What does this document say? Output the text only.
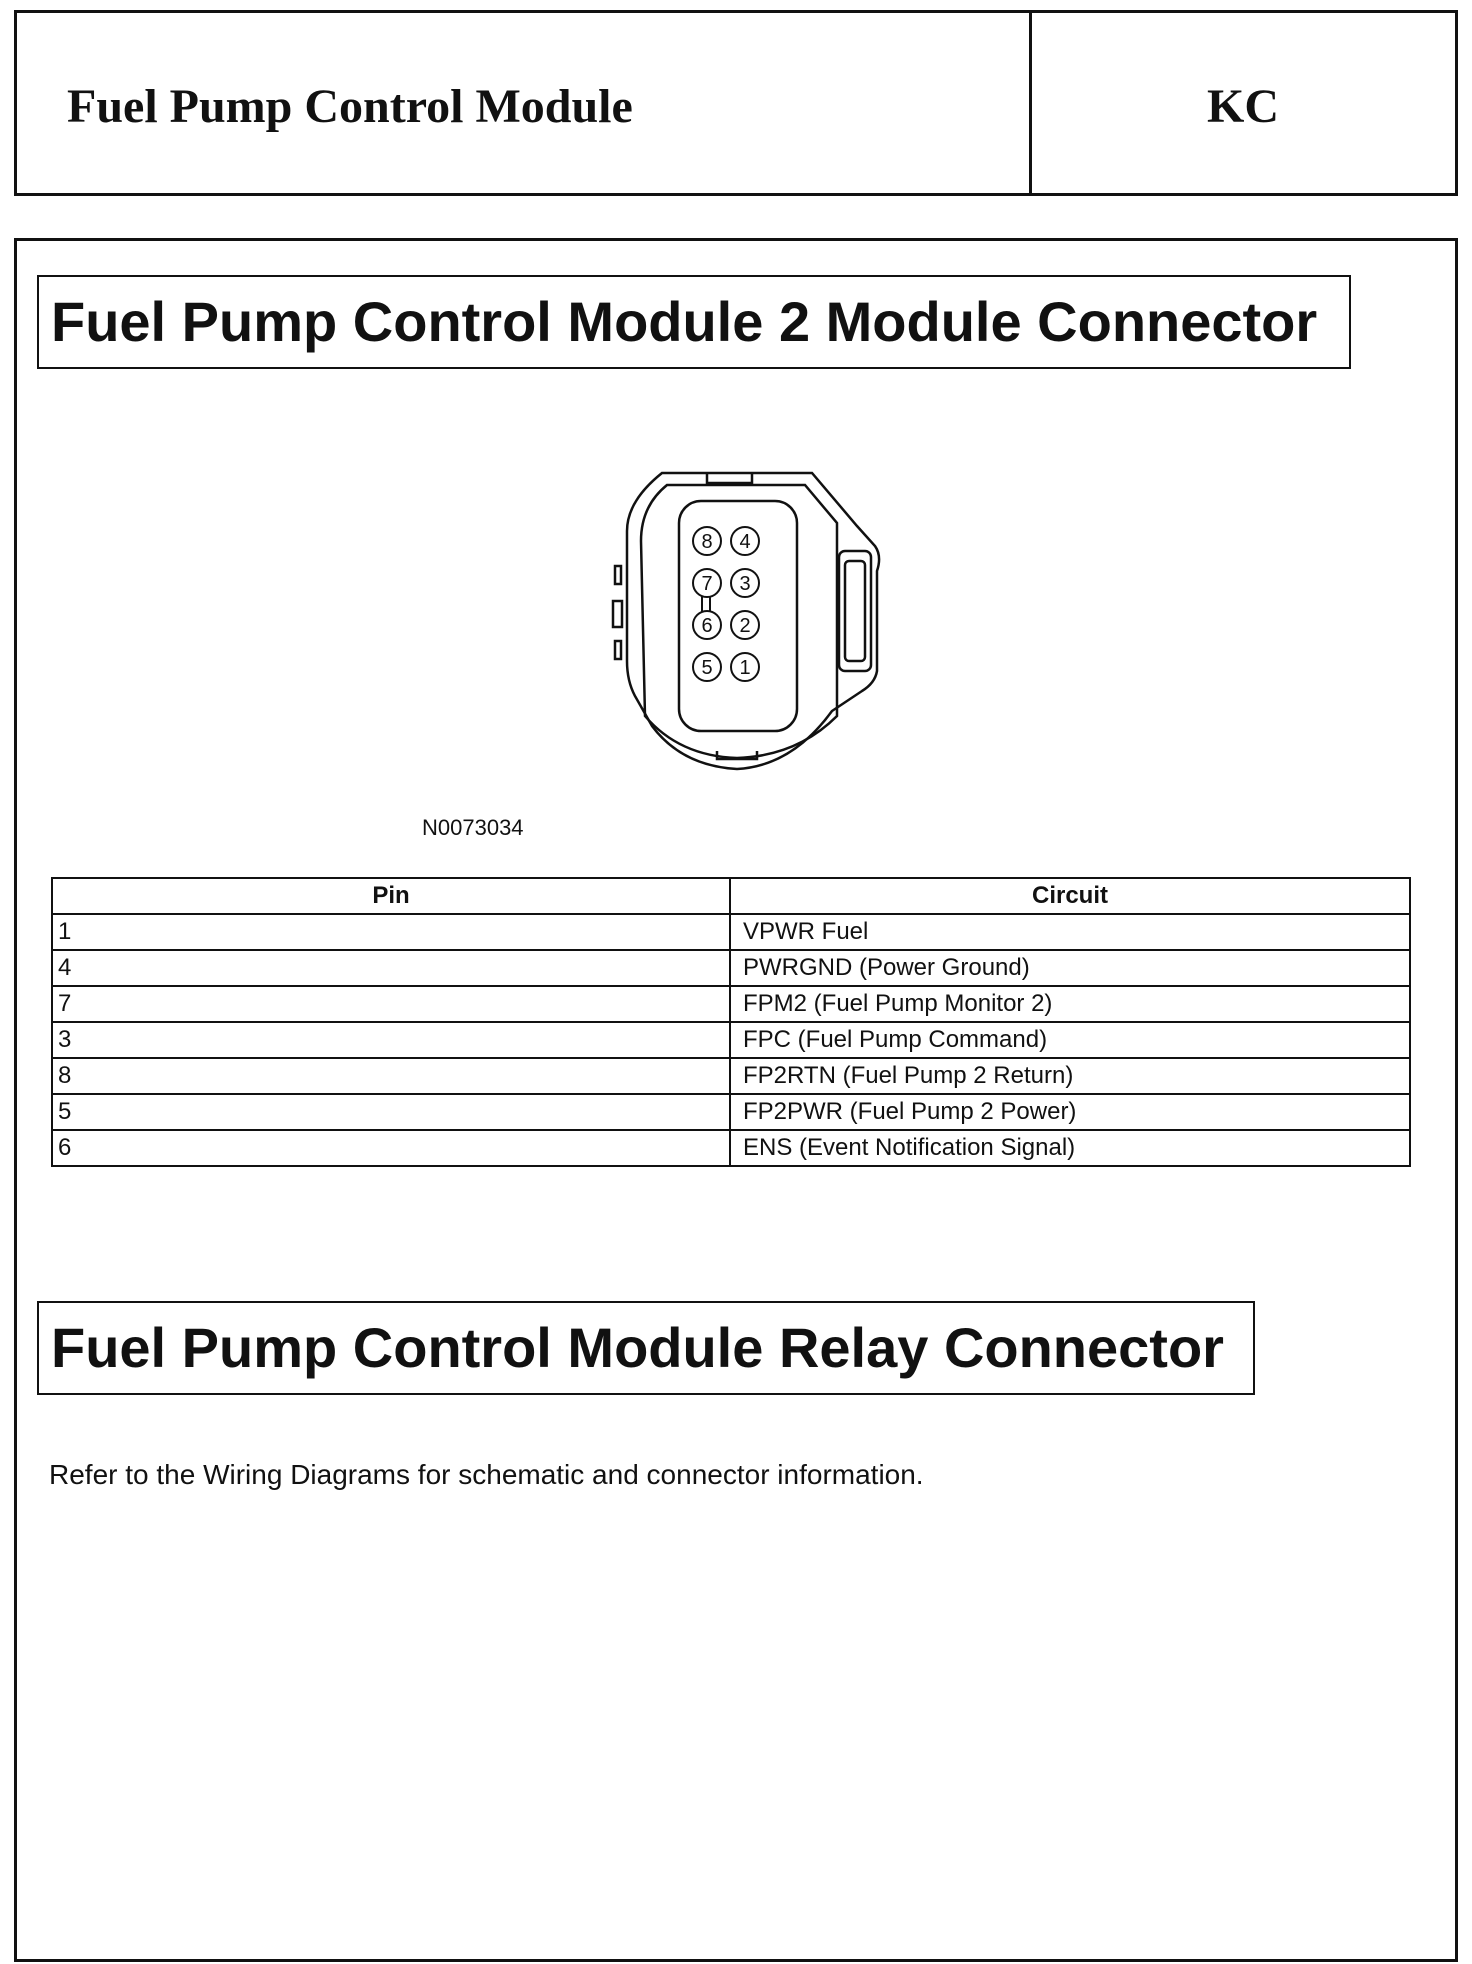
Fuel Pump Control Module	KC
Fuel Pump Control Module 2 Module Connector
8 4
7 3
6 2
5 1
N0073034
Pin	Circuit
1	VPWR Fuel
4	PWRGND (Power Ground)
7	FPM2 (Fuel Pump Monitor 2)
3	FPC (Fuel Pump Command)
8	FP2RTN (Fuel Pump 2 Return)
5	FP2PWR (Fuel Pump 2 Power)
6	ENS (Event Notification Signal)
Fuel Pump Control Module Relay Connector
Refer to the Wiring Diagrams for schematic and connector information.
